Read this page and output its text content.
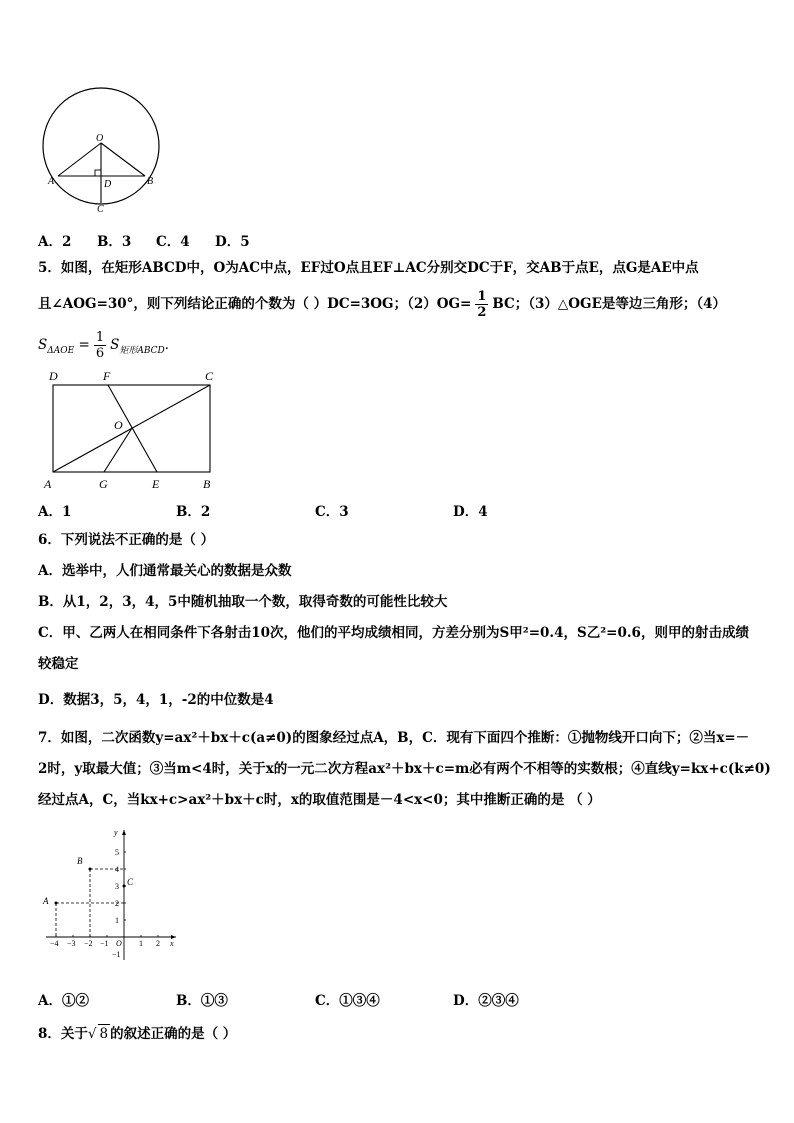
O
A	D	B
C
A．2 B．3 C．4 D．5
5．如图，在矩形ABCD中，O为AC中点，EF过O点且EF⊥AC分别交DC于F，交AB于点E，点G是AE中点
且∠AOG=30°，则下列结论正确的个数为（ ）DC=3OG；$(2)OG= \frac{1}{2}$ BC；（3）△OGE是等边三角形；（4）
$S_{\Delta AOE} = \frac{1}{6} S_{矩形ABCD}$．
D	F	C
O
A	G	E	B
A．1	B．2	C．3	D．4
6．下列说法不正确的是（ ）
A．选举中，人们通常最关心的数据是众数
B．从1，2，3，4，5中随机抽取一个数，取得奇数的可能性比较大
C．甲、乙两人在相同条件下各射击10次，他们的平均成绩相同，方差分别为S甲²=0.4，S乙²=0.6，则甲的射击成绩
较稳定
D．数据3，5，4，1，-2的中位数是4
7．如图，二次函数y=ax²＋bx＋c(a≠0)的图象经过点A，B，C．现有下面四个推断：①抛物线开口向下；②当x=－
2时，y取最大值；③当m<4时，关于x的一元二次方程ax²＋bx＋c=m必有两个不相等的实数根；④直线y=kx+c(k≠0)
经过点A，C，当kx+c>ax²＋bx＋c时，x的取值范围是－4<x<0；其中推断正确的是 （ ）
y
x
O
−4 −3 −2 −1	1 2
5
4
3
2
1
−1
A
B
C
A．①②	B．①③	C．①③④	D．②③④
8．关于√ 8 的叙述正确的是（ ）
